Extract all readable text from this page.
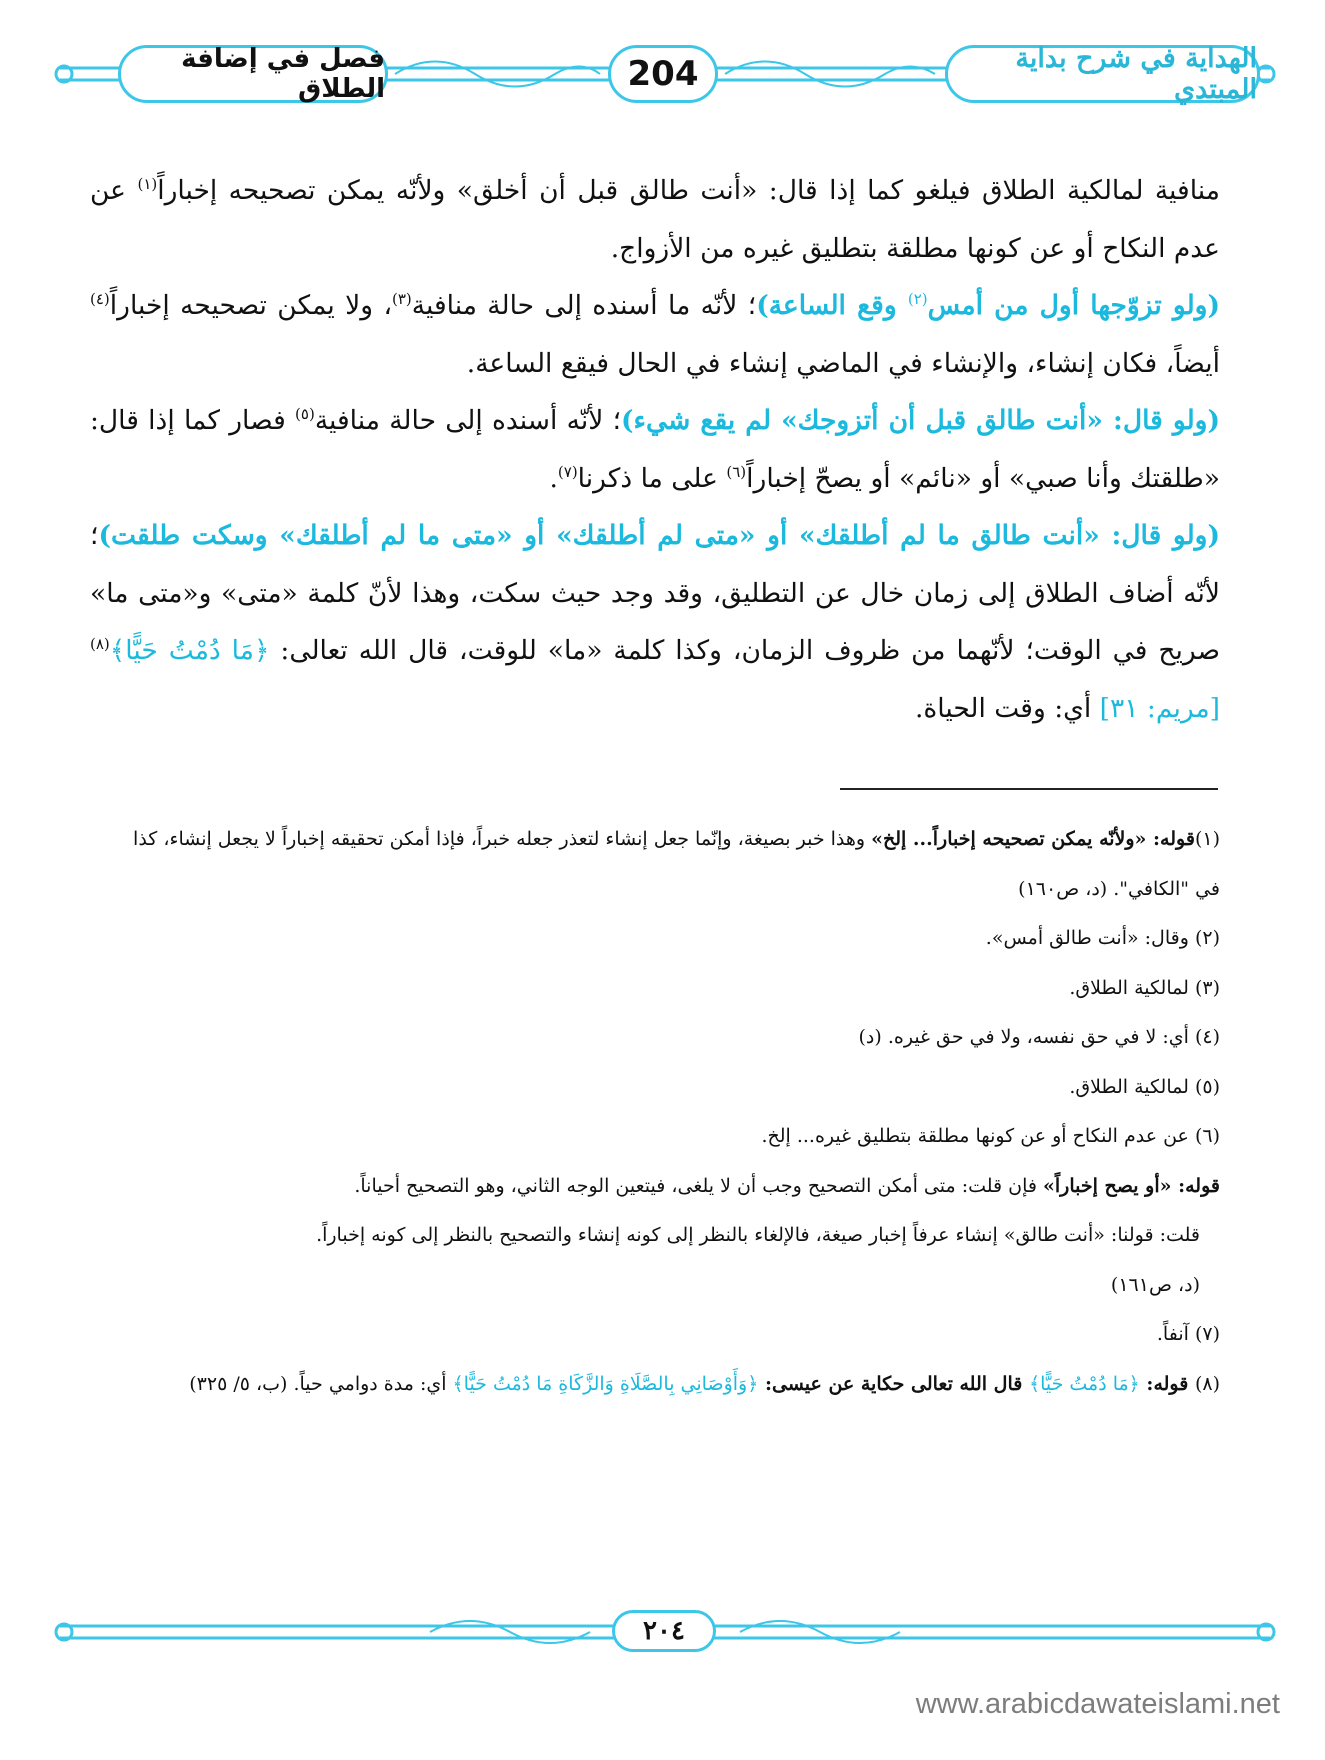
الهداية في شرح بداية المبتدي
204
فصل في إضافة الطلاق

منافية لمالكية الطلاق فيلغو كما إذا قال: «أنت طالق قبل أن أخلق» ولأنّه يمكن تصحيحه إخباراً$^{(١)}$ عن عدم النكاح أو عن كونها مطلقة بتطليق غيره من الأزواج.

(ولو تزوّجها أول من أمس$^{(٢)}$ وقع الساعة)؛ لأنّه ما أسنده إلى حالة منافية$^{(٣)}$، ولا يمكن تصحيحه إخباراً$^{(٤)}$ أيضاً، فكان إنشاء، والإنشاء في الماضي إنشاء في الحال فيقع الساعة.

(ولو قال: «أنت طالق قبل أن أتزوجك» لم يقع شيء)؛ لأنّه أسنده إلى حالة منافية$^{(٥)}$ فصار كما إذا قال: «طلقتك وأنا صبي» أو «نائم» أو يصحّ إخباراً$^{(٦)}$ على ما ذكرنا$^{(٧)}$.

(ولو قال: «أنت طالق ما لم أطلقك» أو «متى لم أطلقك» أو «متى ما لم أطلقك» وسكت طلقت)؛ لأنّه أضاف الطلاق إلى زمان خال عن التطليق، وقد وجد حيث سكت، وهذا لأنّ كلمة «متى» و«متى ما» صريح في الوقت؛ لأنّهما من ظروف الزمان، وكذا كلمة «ما» للوقت، قال الله تعالى: ﴿مَا دُمْتُ حَيًّا﴾$^{(٨)}$ [مريم: ٣١] أي: وقت الحياة.

(١)قوله: «ولأنّه يمكن تصحيحه إخباراً... إلخ» وهذا خبر بصيغة، وإنّما جعل إنشاء لتعذر جعله خبراً، فإذا أمكن تحقيقه إخباراً لا يجعل إنشاء، كذا في "الكافي". (د، ص١٦٠)

(٢) وقال: «أنت طالق أمس».

(٣) لمالكية الطلاق.

(٤) أي: لا في حق نفسه، ولا في حق غيره. (د)

(٥) لمالكية الطلاق.

(٦) عن عدم النكاح أو عن كونها مطلقة بتطليق غيره... إلخ.

قوله: «أو يصح إخباراً» فإن قلت: متى أمكن التصحيح وجب أن لا يلغى، فيتعين الوجه الثاني، وهو التصحيح أحياناً.

قلت: قولنا: «أنت طالق» إنشاء عرفاً إخبار صيغة، فالإلغاء بالنظر إلى كونه إنشاء والتصحيح بالنظر إلى كونه إخباراً.

(د، ص١٦١)

(٧) آنفاً.

(٨) قوله: ﴿مَا دُمْتُ حَيًّا﴾ قال الله تعالى حكاية عن عيسى: ﴿وَأَوْصَانِي بِالصَّلَاةِ وَالزَّكَاةِ مَا دُمْتُ حَيًّا﴾ أي: مدة دوامي حياً. (ب، ٥/ ٣٢٥)

٢٠٤
www.arabicdawateislami.net
